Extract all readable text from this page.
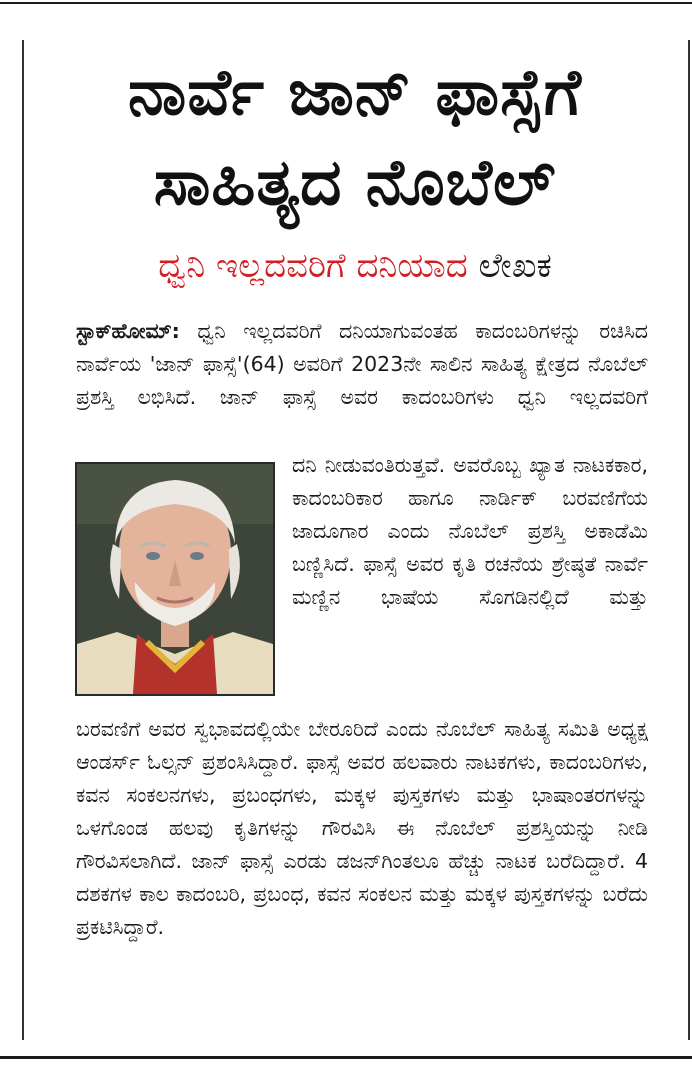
ನಾರ್ವೆ ಜಾನ್ ಫಾಸ್ಸೆಗೆ
ಸಾಹಿತ್ಯದ ನೊಬೆಲ್
ಧ್ವನಿ ಇಲ್ಲದವರಿಗೆ ದನಿಯಾದ ಲೇಖಕ
ಸ್ಟಾಕ್‌ಹೋಮ್: ಧ್ವನಿ ಇಲ್ಲದವರಿಗೆ ದನಿಯಾಗುವಂತಹ ಕಾದಂಬರಿಗಳನ್ನು ರಚಿಸಿದ ನಾರ್ವೆಯ 'ಜಾನ್ ಫಾಸ್ಸೆ'(64) ಅವರಿಗೆ 2023ನೇ ಸಾಲಿನ ಸಾಹಿತ್ಯ ಕ್ಷೇತ್ರದ ನೊಬೆಲ್ ಪ್ರಶಸ್ತಿ ಲಭಿಸಿದೆ. ಜಾನ್ ಫಾಸ್ಸೆ ಅವರ ಕಾದಂಬರಿಗಳು ಧ್ವನಿ ಇಲ್ಲದವರಿಗೆ
ದನಿ ನೀಡುವಂತಿರುತ್ತವೆ. ಅವರೊಬ್ಬ ಖ್ಯಾತ ನಾಟಕಕಾರ, ಕಾದಂಬರಿಕಾರ ಹಾಗೂ ನಾರ್ಡಿಕ್ ಬರವಣಿಗೆಯ ಜಾದೂಗಾರ ಎಂದು ನೊಬೆಲ್ ಪ್ರಶಸ್ತಿ ಅಕಾಡೆಮಿ ಬಣ್ಣಿಸಿದೆ. ಫಾಸ್ಸೆ ಅವರ ಕೃತಿ ರಚನೆಯ ಶ್ರೇಷ್ಠತೆ ನಾರ್ವೆ ಮಣ್ಣಿನ ಭಾಷೆಯ ಸೊಗಡಿನಲ್ಲಿದೆ ಮತ್ತು
ಬರವಣಿಗೆ ಅವರ ಸ್ವಭಾವದಲ್ಲಿಯೇ ಬೇರೂರಿದೆ ಎಂದು ನೊಬೆಲ್ ಸಾಹಿತ್ಯ ಸಮಿತಿ ಅಧ್ಯಕ್ಷ ಆಂಡರ್ಸ್ ಓಲ್ಸನ್ ಪ್ರಶಂಸಿಸಿದ್ದಾರೆ. ಫಾಸ್ಸೆ ಅವರ ಹಲವಾರು ನಾಟಕಗಳು, ಕಾದಂಬರಿಗಳು, ಕವನ ಸಂಕಲನಗಳು, ಪ್ರಬಂಧಗಳು, ಮಕ್ಕಳ ಪುಸ್ತಕಗಳು ಮತ್ತು ಭಾಷಾಂತರಗಳನ್ನು ಒಳಗೊಂಡ ಹಲವು ಕೃತಿಗಳನ್ನು ಗೌರವಿಸಿ ಈ ನೊಬೆಲ್ ಪ್ರಶಸ್ತಿಯನ್ನು ನೀಡಿ ಗೌರವಿಸಲಾಗಿದೆ. ಜಾನ್ ಫಾಸ್ಸೆ ಎರಡು ಡಜನ್‌ಗಿಂತಲೂ ಹೆಚ್ಚು ನಾಟಕ ಬರೆದಿದ್ದಾರೆ. 4 ದಶಕಗಳ ಕಾಲ ಕಾದಂಬರಿ, ಪ್ರಬಂಧ, ಕವನ ಸಂಕಲನ ಮತ್ತು ಮಕ್ಕಳ ಪುಸ್ತಕಗಳನ್ನು ಬರೆದು ಪ್ರಕಟಿಸಿದ್ದಾರೆ.
